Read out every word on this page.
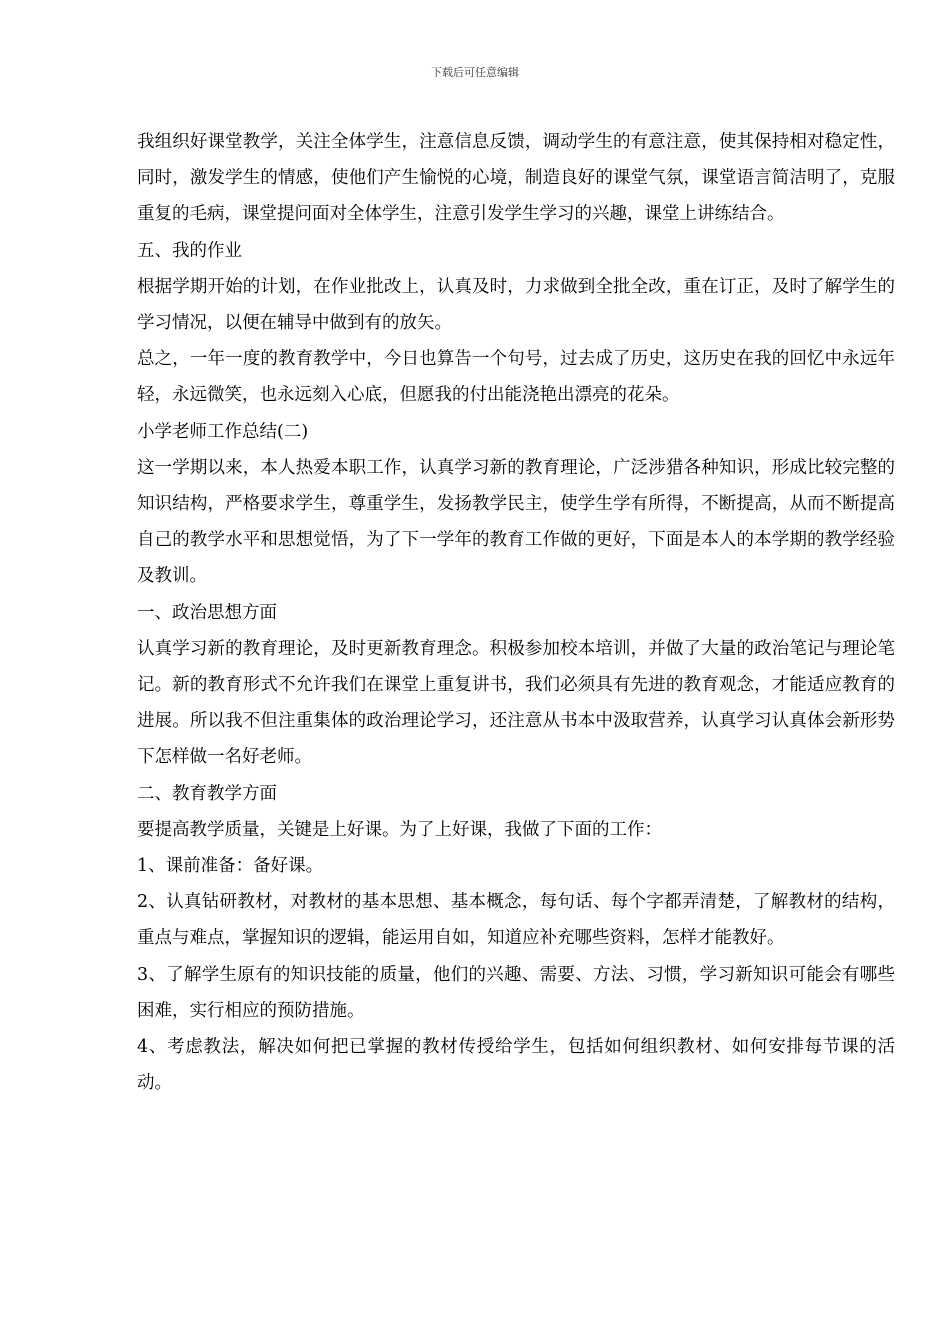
下载后可任意编辑

我组织好课堂教学，关注全体学生，注意信息反馈，调动学生的有意注意，使其保持相对稳定性，同时，激发学生的情感，使他们产生愉悦的心境，制造良好的课堂气氛，课堂语言简洁明了，克服重复的毛病，课堂提问面对全体学生，注意引发学生学习的兴趣，课堂上讲练结合。

五、我的作业

根据学期开始的计划，在作业批改上，认真及时，力求做到全批全改，重在订正，及时了解学生的学习情况，以便在辅导中做到有的放矢。

总之，一年一度的教育教学中，今日也算告一个句号，过去成了历史，这历史在我的回忆中永远年轻，永远微笑，也永远刻入心底，但愿我的付出能浇艳出漂亮的花朵。

小学老师工作总结(二)

这一学期以来，本人热爱本职工作，认真学习新的教育理论，广泛涉猎各种知识，形成比较完整的知识结构，严格要求学生，尊重学生，发扬教学民主，使学生学有所得，不断提高，从而不断提高自己的教学水平和思想觉悟，为了下一学年的教育工作做的更好，下面是本人的本学期的教学经验及教训。

一、政治思想方面

认真学习新的教育理论，及时更新教育理念。积极参加校本培训，并做了大量的政治笔记与理论笔记。新的教育形式不允许我们在课堂上重复讲书，我们必须具有先进的教育观念，才能适应教育的进展。所以我不但注重集体的政治理论学习，还注意从书本中汲取营养，认真学习认真体会新形势下怎样做一名好老师。

二、教育教学方面

要提高教学质量，关键是上好课。为了上好课，我做了下面的工作：

1、课前准备：备好课。

2、认真钻研教材，对教材的基本思想、基本概念，每句话、每个字都弄清楚，了解教材的结构，重点与难点，掌握知识的逻辑，能运用自如，知道应补充哪些资料，怎样才能教好。

3、了解学生原有的知识技能的质量，他们的兴趣、需要、方法、习惯，学习新知识可能会有哪些困难，实行相应的预防措施。

4、考虑教法，解决如何把已掌握的教材传授给学生，包括如何组织教材、如何安排每节课的活动。
